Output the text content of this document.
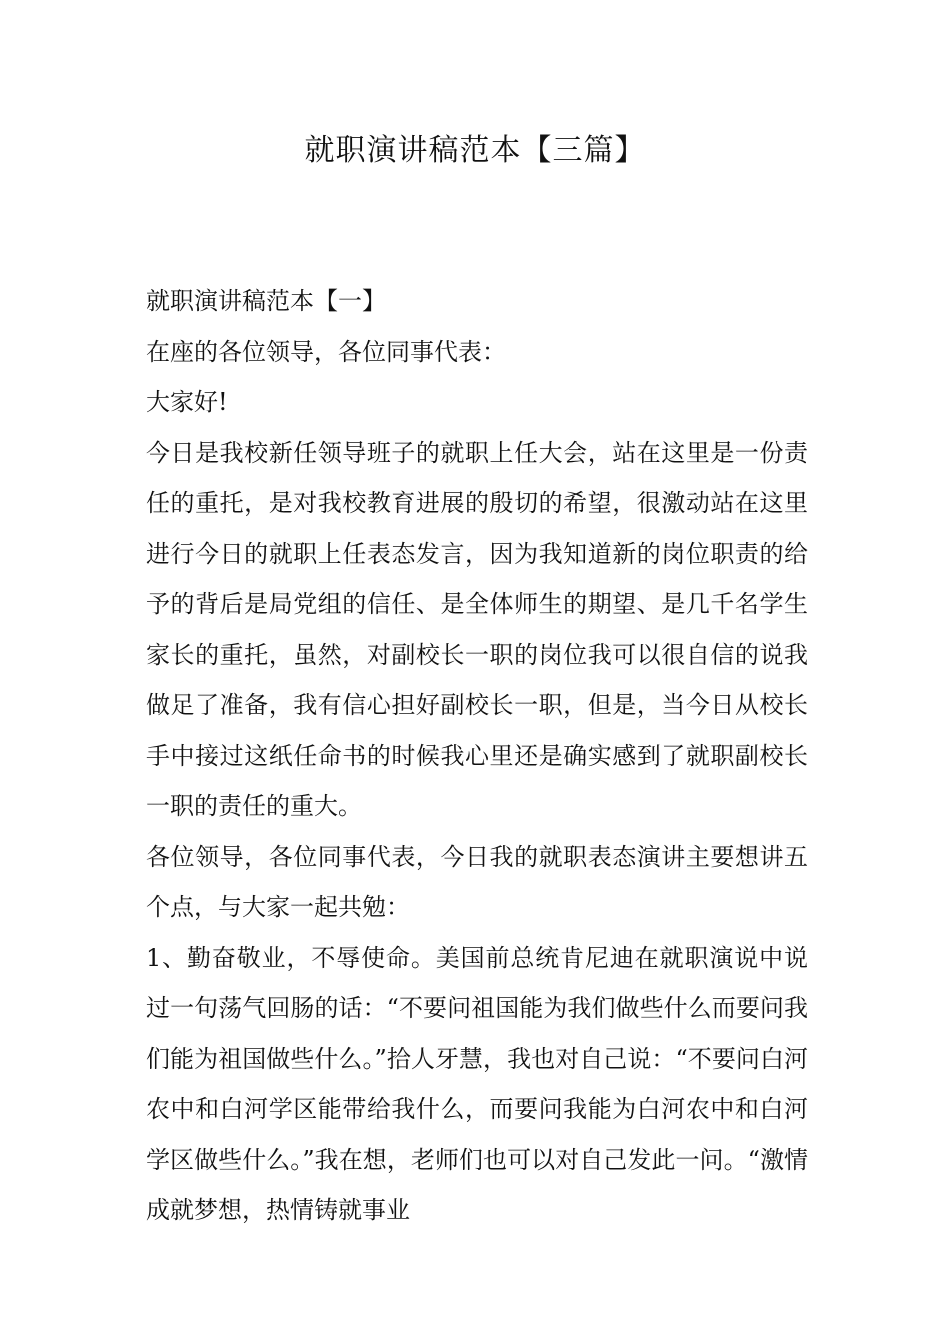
就职演讲稿范本【三篇】

就职演讲稿范本【一】

在座的各位领导，各位同事代表：

大家好!

今日是我校新任领导班子的就职上任大会，站在这里是一份责任的重托，是对我校教育进展的殷切的希望，很激动站在这里进行今日的就职上任表态发言，因为我知道新的岗位职责的给予的背后是局党组的信任、是全体师生的期望、是几千名学生家长的重托，虽然，对副校长一职的岗位我可以很自信的说我做足了准备，我有信心担好副校长一职，但是，当今日从校长手中接过这纸任命书的时候我心里还是确实感到了就职副校长一职的责任的重大。

各位领导，各位同事代表，今日我的就职表态演讲主要想讲五个点，与大家一起共勉：

1、勤奋敬业，不辱使命。美国前总统肯尼迪在就职演说中说过一句荡气回肠的话：“不要问祖国能为我们做些什么而要问我们能为祖国做些什么。”拾人牙慧，我也对自己说：“不要问白河农中和白河学区能带给我什么，而要问我能为白河农中和白河学区做些什么。”我在想，老师们也可以对自己发此一问。“激情成就梦想，热情铸就事业
